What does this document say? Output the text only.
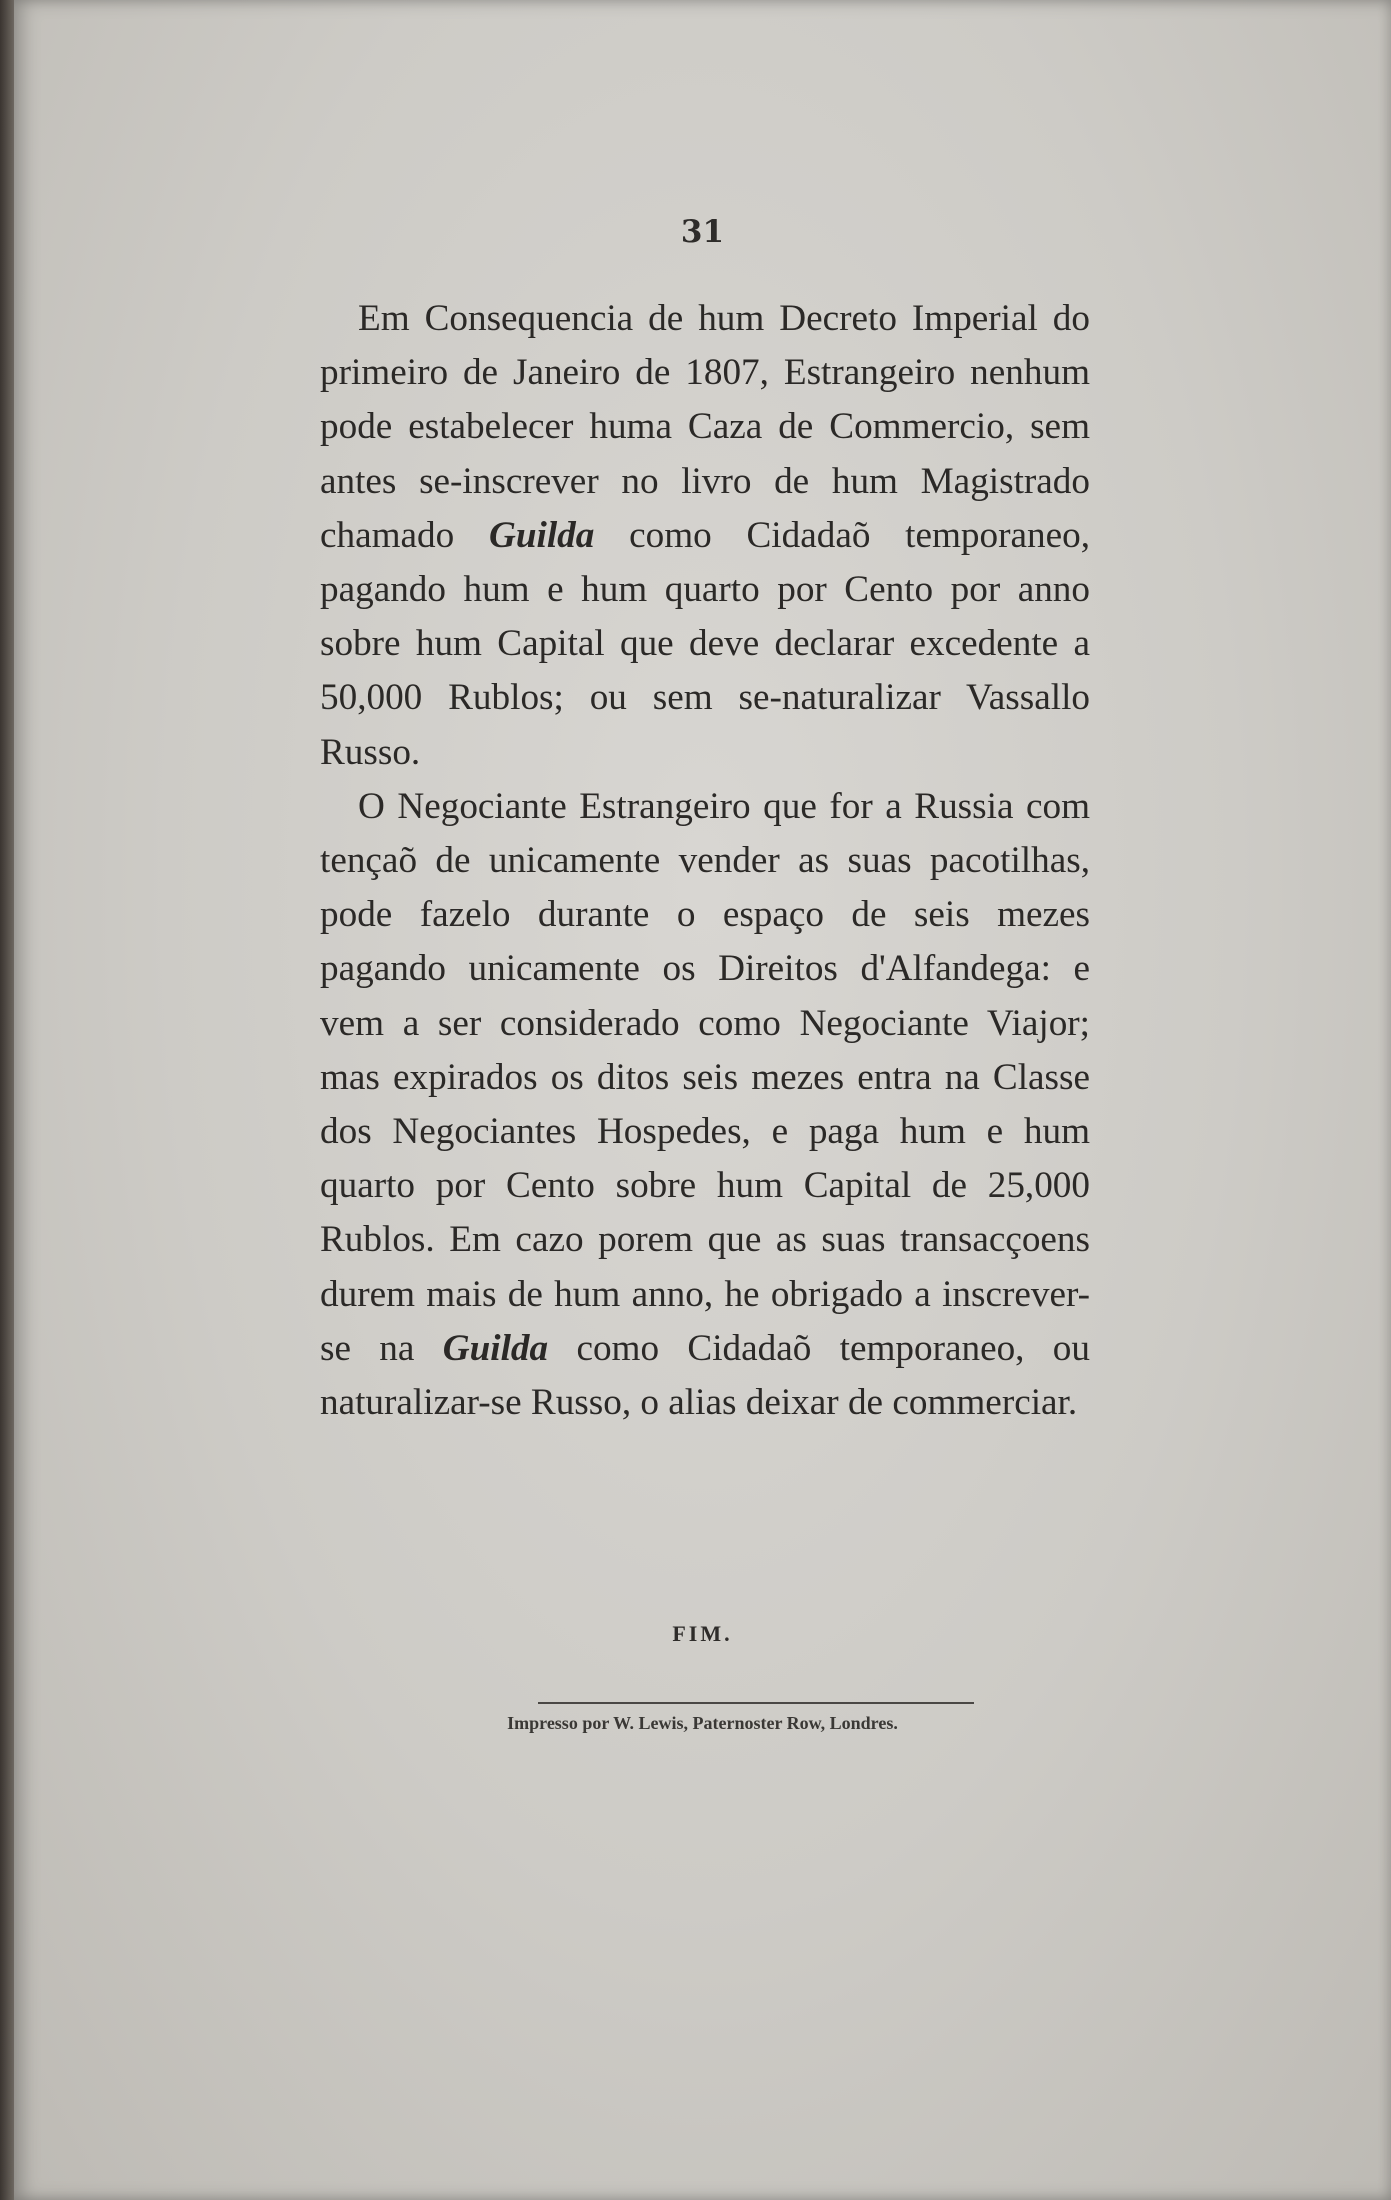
31

Em Consequencia de hum Decreto Imperial do primeiro de Janeiro de 1807, Estrangeiro nenhum pode estabelecer huma Caza de Commercio, sem antes se-inscrever no livro de hum Magistrado chamado Guilda como Cidadaõ temporaneo, pagando hum e hum quarto por Cento por anno sobre hum Capital que deve declarar excedente a 50,000 Rublos; ou sem se-naturalizar Vassallo Russo.

O Negociante Estrangeiro que for a Russia com tençaõ de unicamente vender as suas pacotilhas, pode fazelo durante o espaço de seis mezes pagando unicamente os Direitos d'Alfandega: e vem a ser considerado como Negociante Viajor; mas expirados os ditos seis mezes entra na Classe dos Negociantes Hospedes, e paga hum e hum quarto por Cento sobre hum Capital de 25,000 Rublos. Em cazo porem que as suas transacçoens durem mais de hum anno, he obrigado a inscrever-se na Guilda como Cidadaõ temporaneo, ou naturalizar-se Russo, o alias deixar de commerciar.

FIM.

Impresso por W. Lewis, Paternoster Row, Londres.
